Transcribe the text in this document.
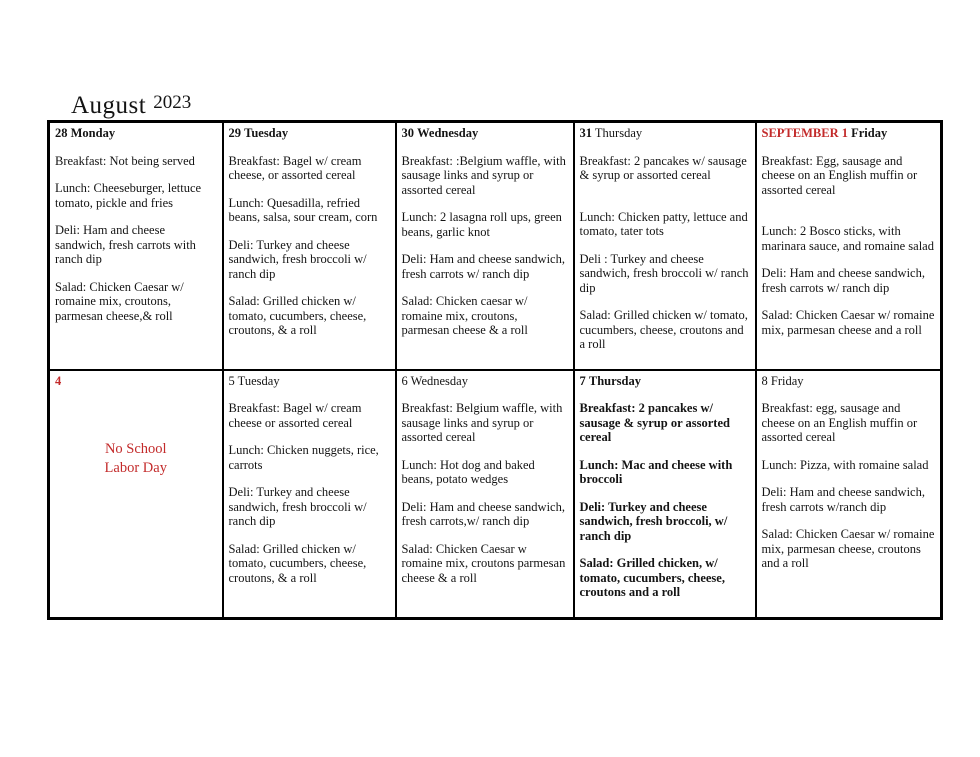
August 2023
28 Monday

Breakfast: Not being served

Lunch: Cheeseburger, lettuce tomato, pickle and fries

Deli: Ham and cheese sandwich, fresh carrots with ranch dip

Salad: Chicken Caesar w/ romaine mix, croutons, parmesan cheese,& roll

29 Tuesday

Breakfast: Bagel w/ cream cheese, or assorted cereal

Lunch: Quesadilla, refried beans, salsa, sour cream, corn

Deli: Turkey and cheese sandwich, fresh broccoli w/ ranch dip

Salad: Grilled chicken w/ tomato, cucumbers, cheese, croutons, & a roll

30 Wednesday

Breakfast: :Belgium waffle, with sausage links and syrup or assorted cereal

Lunch: 2 lasagna roll ups, green beans, garlic knot

Deli: Ham and cheese sandwich, fresh carrots w/ ranch dip

Salad: Chicken caesar w/ romaine mix, croutons, parmesan cheese & a roll

31 Thursday

Breakfast: 2 pancakes w/ sausage & syrup or assorted cereal

Lunch: Chicken patty, lettuce and tomato, tater tots

Deli : Turkey and cheese sandwich, fresh broccoli w/ ranch dip

Salad: Grilled chicken w/ tomato, cucumbers, cheese, croutons and a roll

SEPTEMBER 1 Friday

Breakfast: Egg, sausage and cheese on an English muffin or assorted cereal

Lunch: 2 Bosco sticks, with marinara sauce, and romaine salad

Deli: Ham and cheese sandwich, fresh carrots w/ ranch dip

Salad: Chicken Caesar w/ romaine mix, parmesan cheese and a roll

4
No School
Labor Day

5 Tuesday

Breakfast: Bagel w/ cream cheese or assorted cereal

Lunch: Chicken nuggets, rice, carrots

Deli: Turkey and cheese sandwich, fresh broccoli w/ ranch dip

Salad: Grilled chicken w/ tomato, cucumbers, cheese, croutons, & a roll

6 Wednesday

Breakfast: Belgium waffle, with sausage links and syrup or assorted cereal

Lunch: Hot dog and baked beans, potato wedges

Deli: Ham and cheese sandwich, fresh carrots,w/ ranch dip

Salad: Chicken Caesar w romaine mix, croutons parmesan cheese & a roll

7 Thursday

Breakfast: 2 pancakes w/ sausage & syrup or assorted cereal

Lunch: Mac and cheese with broccoli

Deli: Turkey and cheese sandwich, fresh broccoli, w/ ranch dip

Salad: Grilled chicken, w/ tomato, cucumbers, cheese, croutons and a roll

8 Friday

Breakfast: egg, sausage and cheese on an English muffin or assorted cereal

Lunch: Pizza, with romaine salad

Deli: Ham and cheese sandwich, fresh carrots w/ranch dip

Salad: Chicken Caesar w/ romaine mix, parmesan cheese, croutons and a roll
